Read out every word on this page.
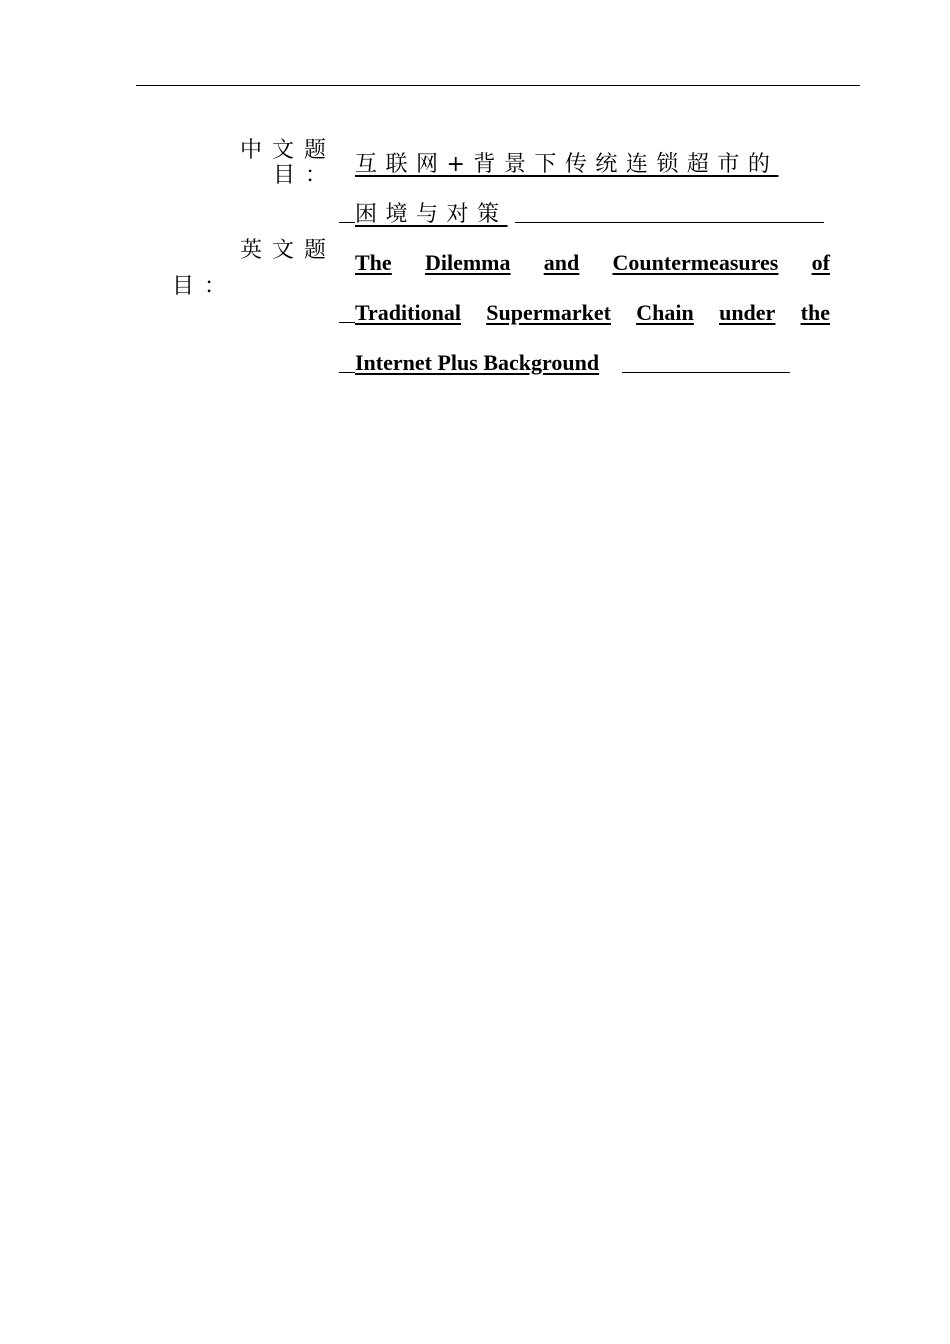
中文题
目： 互联网+背景下传统连锁超市的
困境与对策
英文题
目：
The Dilemma and Countermeasures of
Traditional Supermarket Chain under the
Internet Plus Background
